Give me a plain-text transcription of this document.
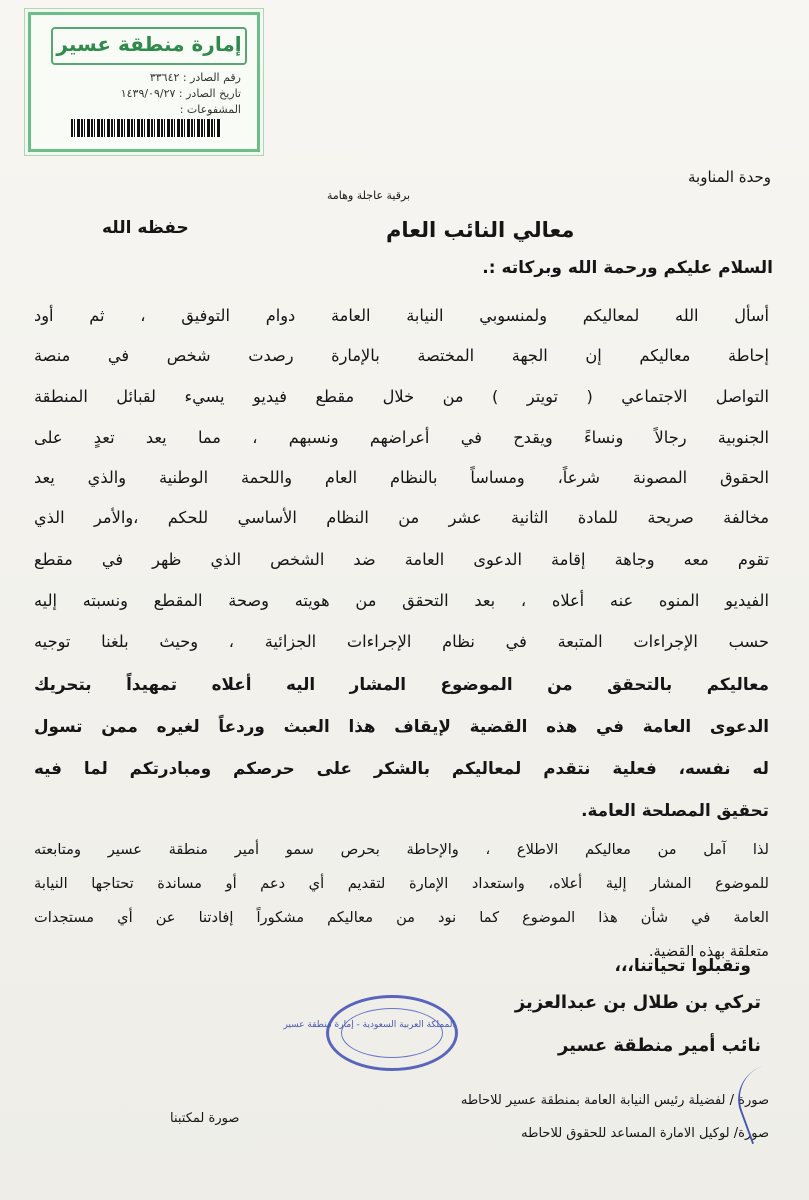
إمارة منطقة عسير
رقم الصادر : ٣٣٦٤٢
تاريخ الصادر : ١٤٣٩/٠٩/٢٧
المشفوعات :
وحدة المناوبة
برقية عاجلة وهامة
معالي النائب العام
حفظه الله
السلام عليكم ورحمة الله وبركاته :.
أسأل الله لمعاليكم ولمنسوبي النيابة العامة دوام التوفيق ، ثم أود
إحاطة معاليكم إن الجهة المختصة بالإمارة رصدت شخص في منصة
التواصل الاجتماعي ( تويتر ) من خلال مقطع فيديو يسيء لقبائل المنطقة
الجنوبية رجالاً ونساءً ويقدح في أعراضهم ونسبهم ، مما يعد تعدٍ على
الحقوق المصونة شرعاً، ومساساً بالنظام العام واللحمة الوطنية والذي يعد
مخالفة صريحة للمادة الثانية عشر من النظام الأساسي للحكم ،والأمر الذي
تقوم معه وجاهة إقامة الدعوى العامة ضد الشخص الذي ظهر في مقطع
الفيديو المنوه عنه أعلاه ، بعد التحقق من هويته وصحة المقطع ونسبته إليه
حسب الإجراءات المتبعة في نظام الإجراءات الجزائية ، وحيث بلغنا توجيه
معاليكم بالتحقق من الموضوع المشار اليه أعلاه تمهيداً بتحريك
الدعوى العامة في هذه القضية لإيقاف هذا العبث وردعاً لغيره ممن تسول
له نفسه، فعلية نتقدم لمعاليكم بالشكر على حرصكم ومبادرتكم لما فيه
تحقيق المصلحة العامة.
لذا آمل من معاليكم الاطلاع ، والإحاطة بحرص سمو أمير منطقة عسير ومتابعته
للموضوع المشار إلية أعلاه، واستعداد الإمارة لتقديم أي دعم أو مساندة تحتاجها النيابة
العامة في شأن هذا الموضوع كما نود من معاليكم مشكوراً إفادتنا عن أي مستجدات
متعلقة بهذه القضية.
وتقبلوا تحياتنا،،،
تركي بن طلال بن عبدالعزيز
نائب أمير منطقة عسير
المملكة العربية السعودية - إمارة منطقة عسير
صورة / لفضيلة رئيس النيابة العامة بمنطقة عسير للاحاطه
صورة/ لوكيل الامارة المساعد للحقوق للاحاطه
صورة لمكتبنا
